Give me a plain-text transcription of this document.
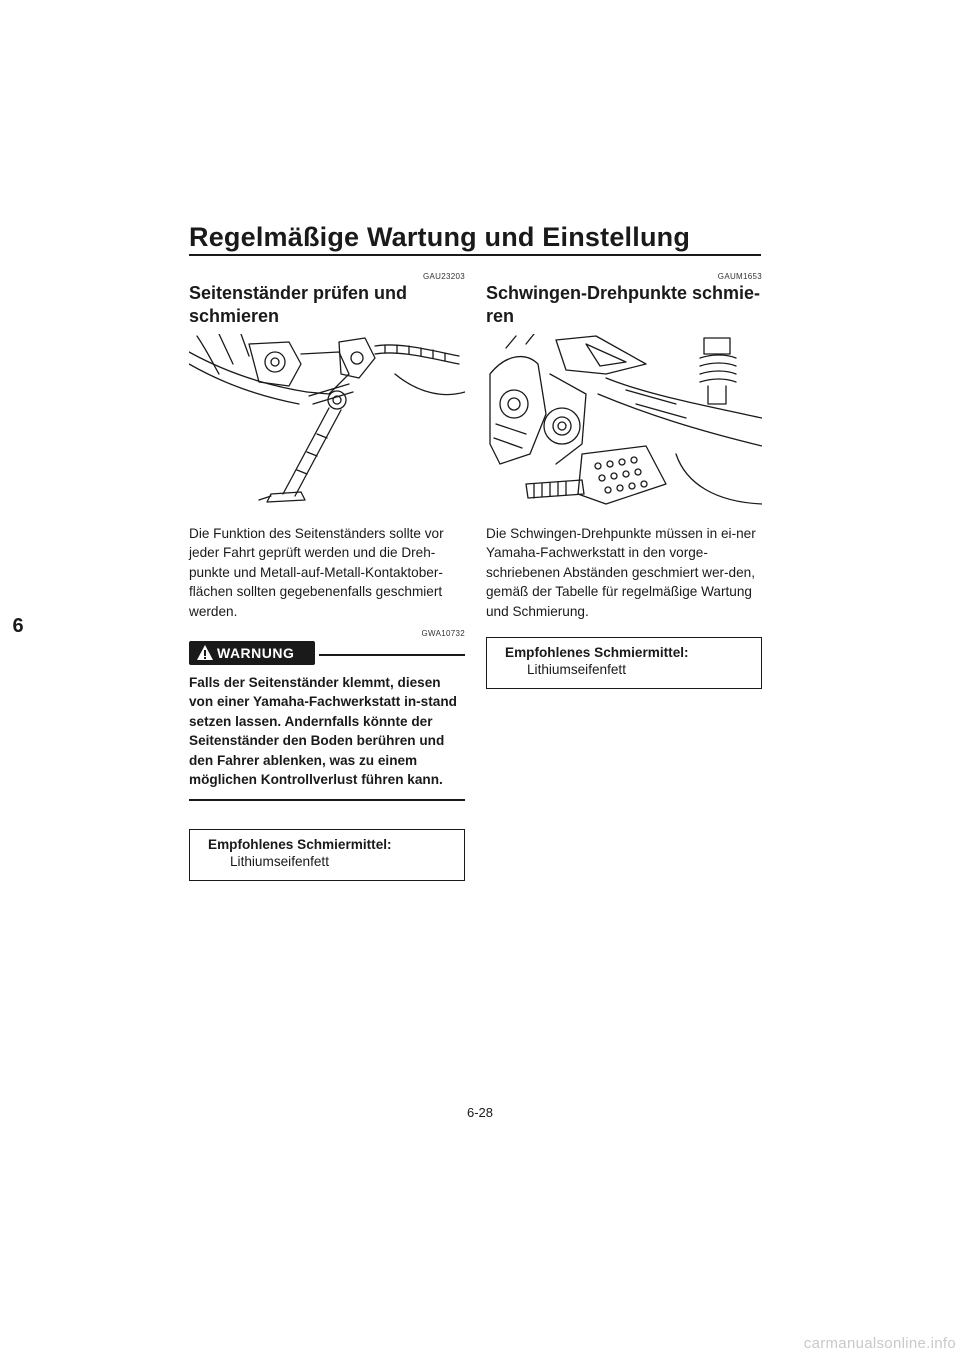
Regelmäßige Wartung und Einstellung
6
GAU23203
Seitenständer prüfen und schmieren

Die Funktion des Seitenständers sollte vor jeder Fahrt geprüft werden und die Dreh-punkte und Metall-auf-Metall-Kontaktober-flächen sollten gegebenenfalls geschmiert werden.

GWA10732
WARNUNG

Falls der Seitenständer klemmt, diesen von einer Yamaha-Fachwerkstatt in-stand setzen lassen. Andernfalls könnte der Seitenständer den Boden berühren und den Fahrer ablenken, was zu einem möglichen Kontrollverlust führen kann.

Empfohlenes Schmiermittel:
Lithiumseifenfett
GAUM1653
Schwingen-Drehpunkte schmie-ren

Die Schwingen-Drehpunkte müssen in ei-ner Yamaha-Fachwerkstatt in den vorge-schriebenen Abständen geschmiert wer-den, gemäß der Tabelle für regelmäßige Wartung und Schmierung.

Empfohlenes Schmiermittel:
Lithiumseifenfett
6-28
carmanualsonline.info
